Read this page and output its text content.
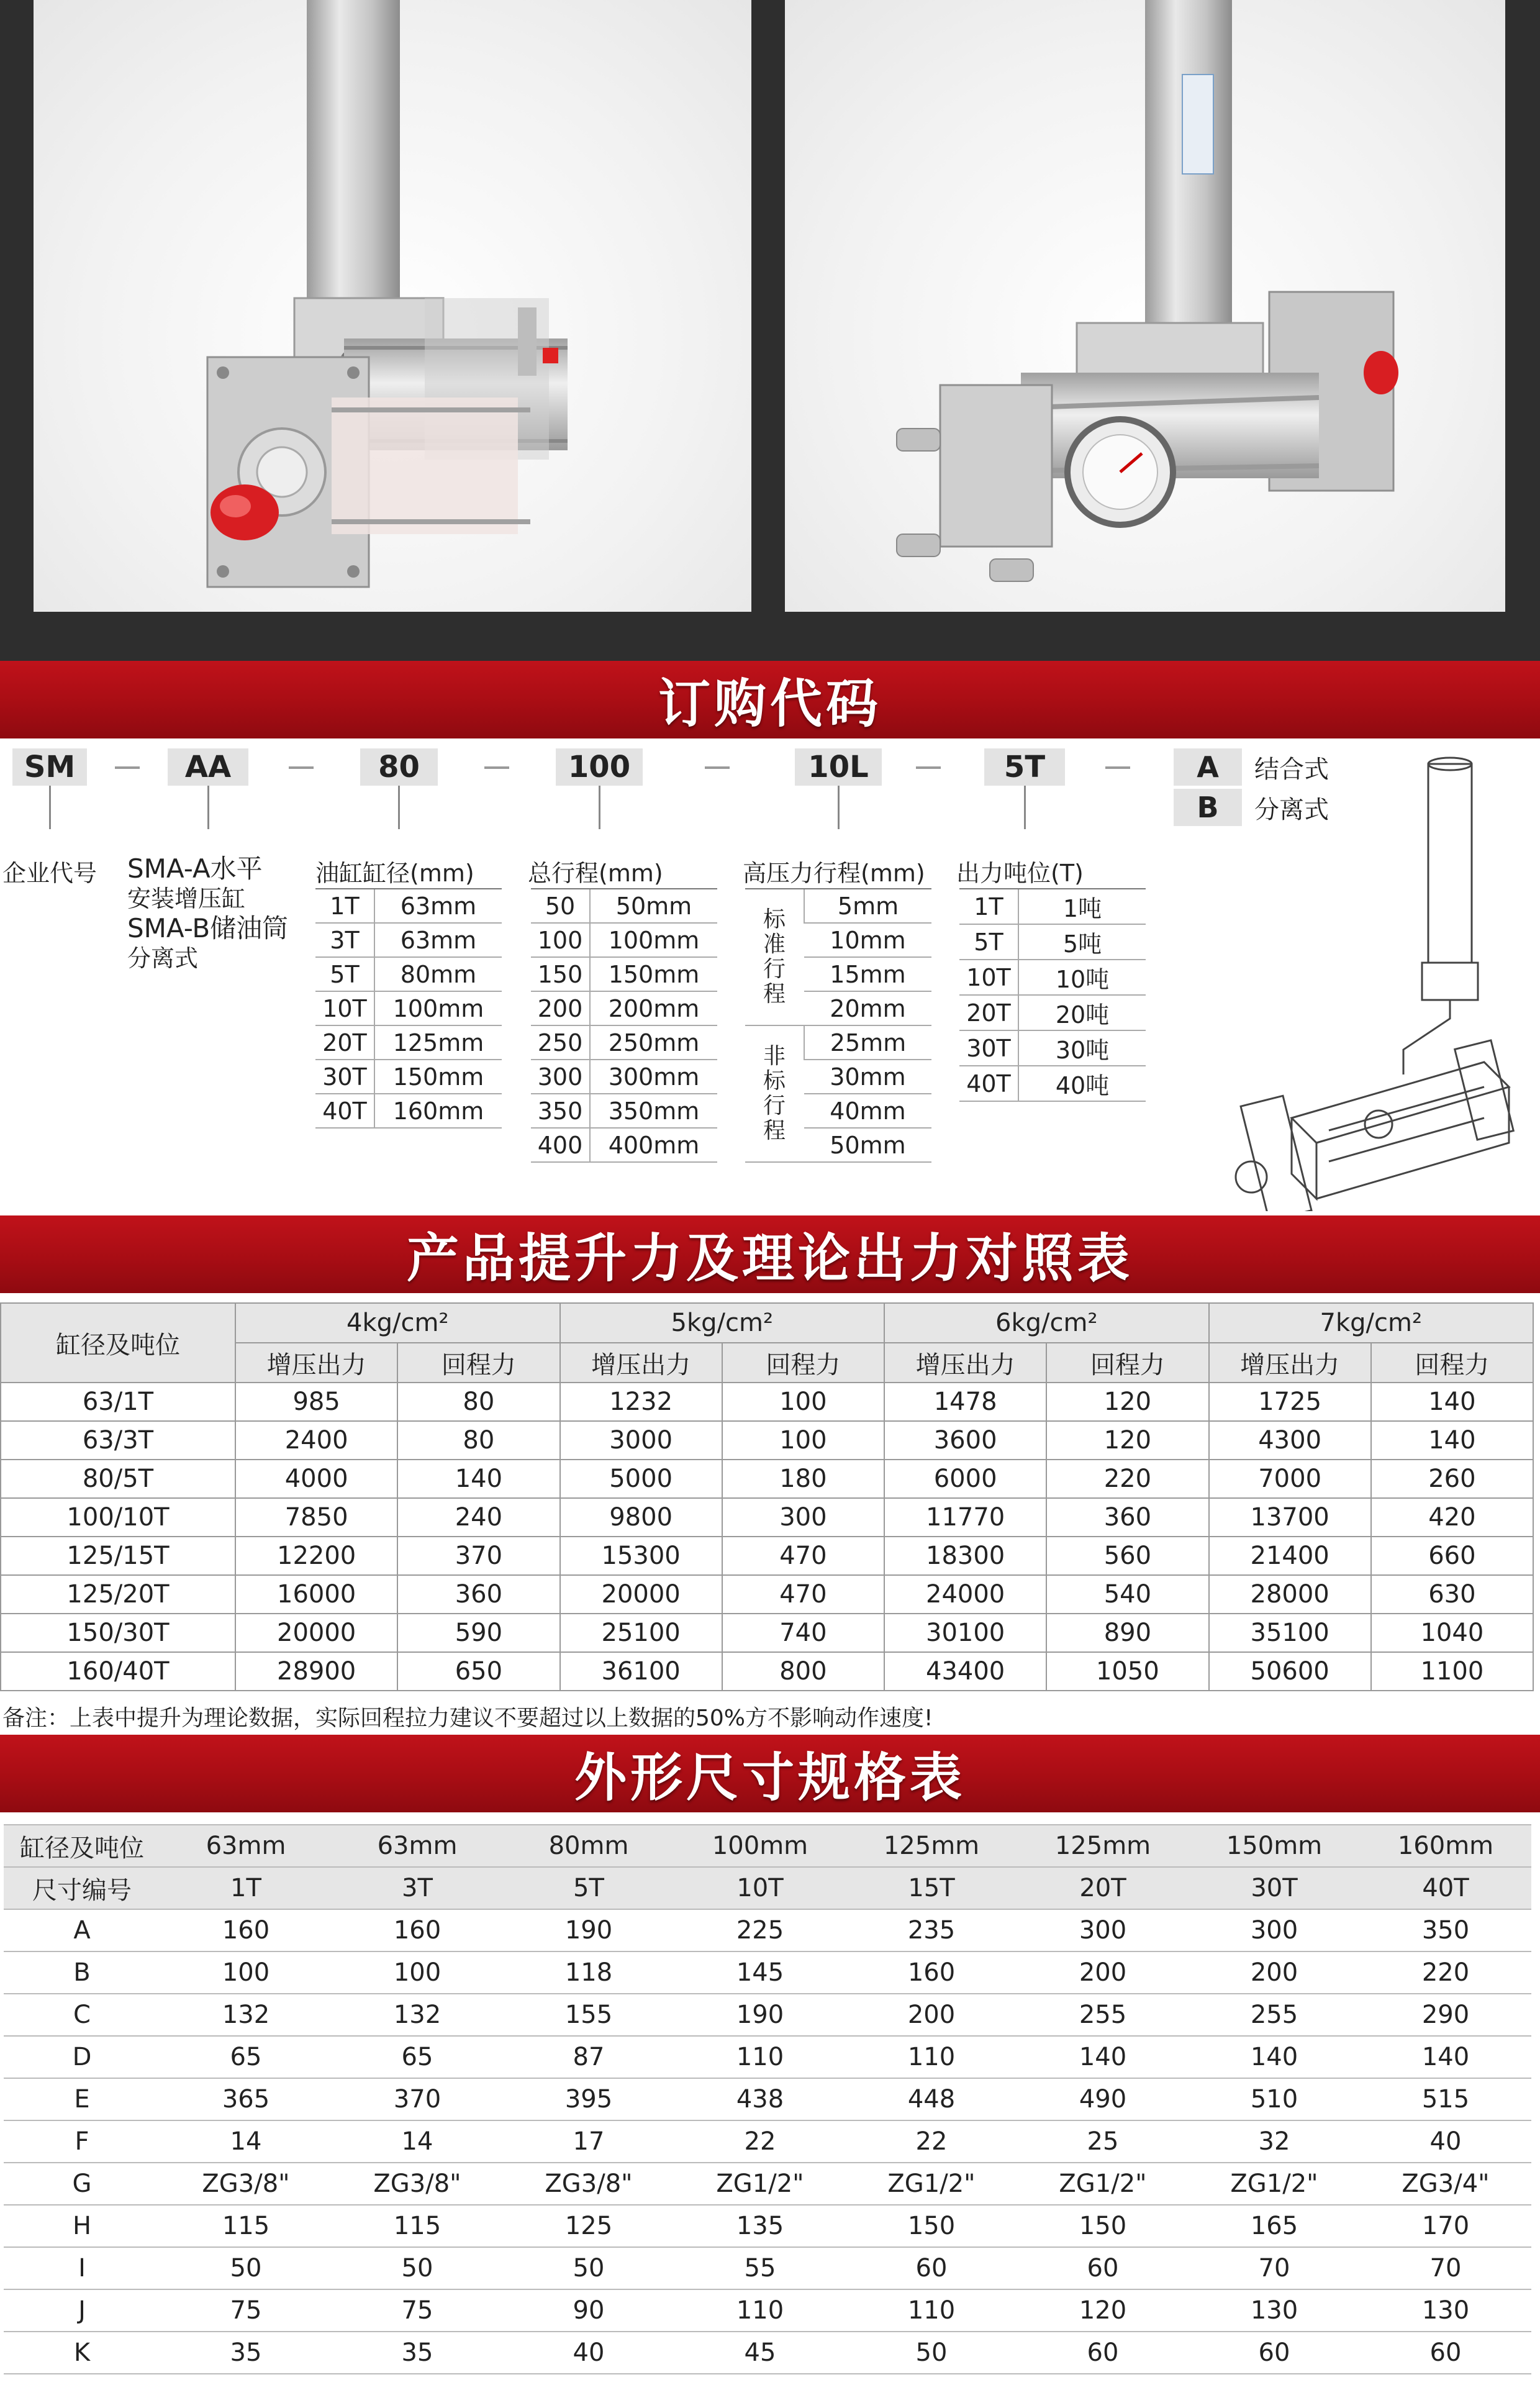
订购代码
SM	AA	80	100	10L	5T	A	结合式
B	分离式
企业代号 SMA-A水平
安装增压缸
SMA-B储油筒
分离式
油缸缸径(mm)
1T	63mm
3T	63mm
5T	80mm
10T	100mm
20T	125mm
30T	150mm
40T	160mm
总行程(mm)
50	50mm
100	100mm
150	150mm
200	200mm
250	250mm
300	300mm
350	350mm
400	400mm
高压力行程(mm)
标
准
行
程	5mm
	10mm
	15mm
	20mm

非
标
行
程	25mm
	30mm
	40mm
	50mm
出力吨位(T)
1T	1吨
5T	5吨
10T	10吨
20T	20吨
30T	30吨
40T	40吨
产品提升力及理论出力对照表
缸径及吨位	4kg/cm²		5kg/cm²		6kg/cm²		7kg/cm²	
	增压出力	回程力	增压出力	回程力	增压出力	回程力	增压出力	回程力
63/1T	985	80	1232	100	1478	120	1725	140
63/3T	2400	80	3000	100	3600	120	4300	140
80/5T	4000	140	5000	180	6000	220	7000	260
100/10T	7850	240	9800	300	11770	360	13700	420
125/15T	12200	370	15300	470	18300	560	21400	660
125/20T	16000	360	20000	470	24000	540	28000	630
150/30T	20000	590	25100	740	30100	890	35100	1040
160/40T	28900	650	36100	800	43400	1050	50600	1100
备注：上表中提升为理论数据，实际回程拉力建议不要超过以上数据的50%方不影响动作速度!
外形尺寸规格表
缸径及吨位	63mm	63mm	80mm	100mm	125mm	125mm	150mm	160mm
尺寸编号	1T	3T	5T	10T	15T	20T	30T	40T
A	160	160	190	225	235	300	300	350
B	100	100	118	145	160	200	200	220
C	132	132	155	190	200	255	255	290
D	65	65	87	110	110	140	140	140
E	365	370	395	438	448	490	510	515
F	14	14	17	22	22	25	32	40
G	ZG3/8"	ZG3/8"	ZG3/8"	ZG1/2"	ZG1/2"	ZG1/2"	ZG1/2"	ZG3/4"
H	115	115	125	135	150	150	165	170
I	50	50	50	55	60	60	70	70
J	75	75	90	110	110	120	130	130
K	35	35	40	45	50	60	60	60
